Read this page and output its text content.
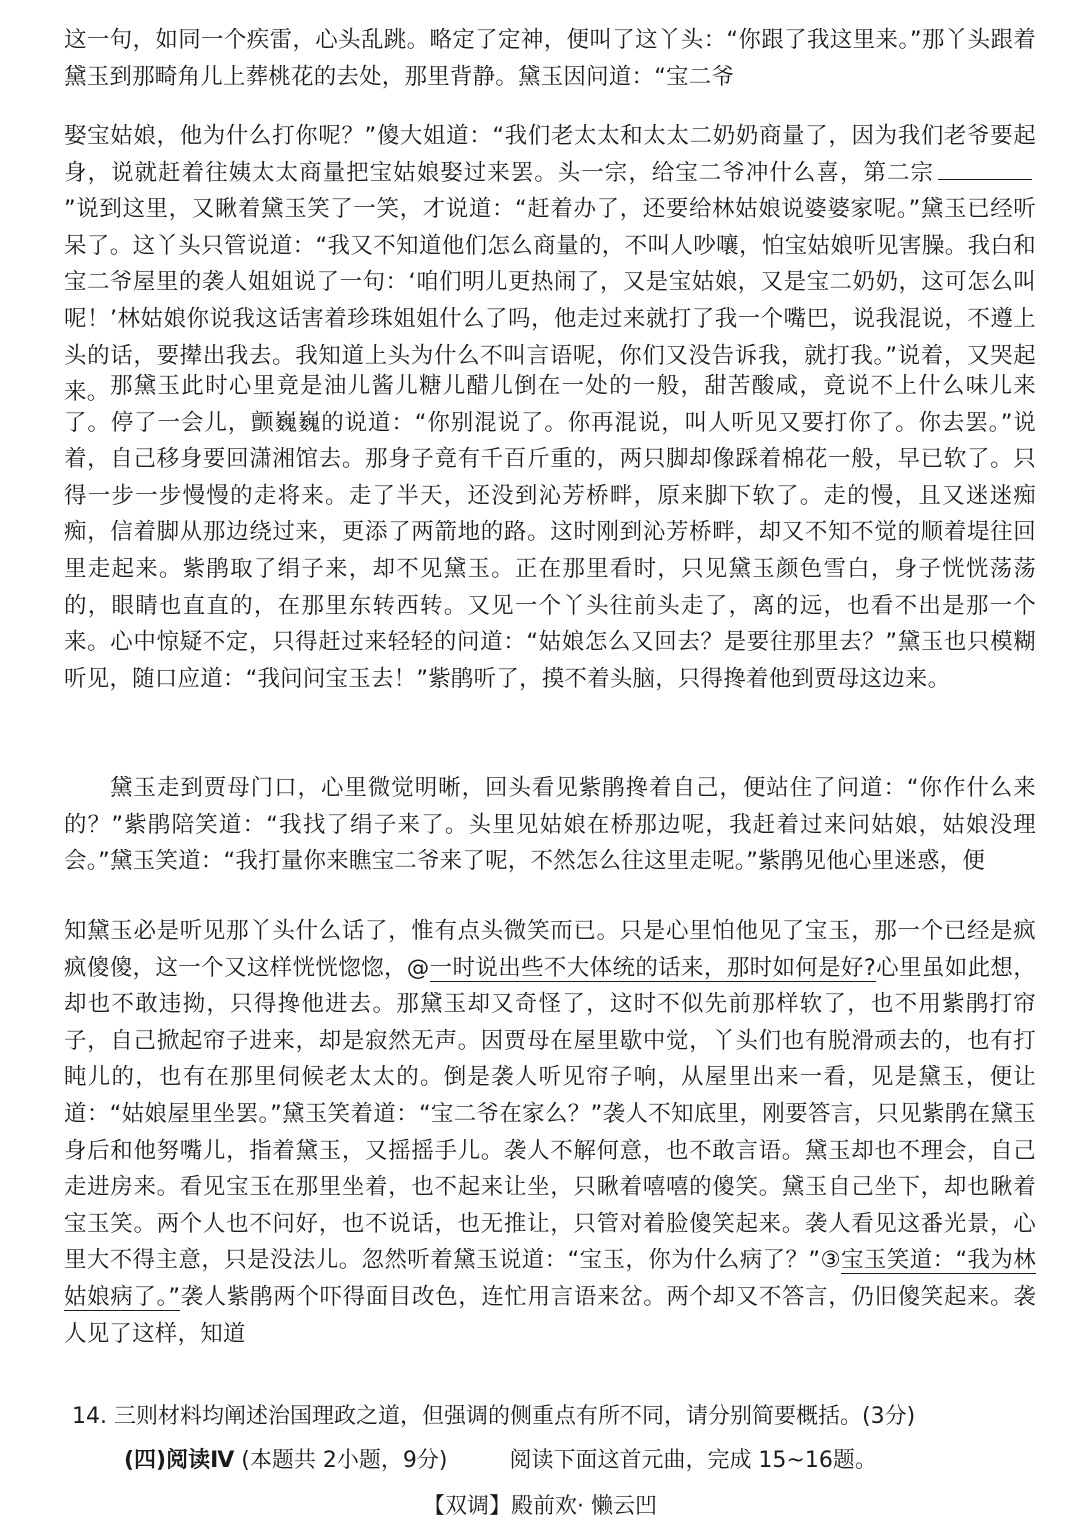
这一句，如同一个疾雷，心头乱跳。略定了定神，便叫了这丫头：“你跟了我这里来。”那丫头跟着黛玉到那畸角儿上葬桃花的去处，那里背静。黛玉因问道：“宝二爷

娶宝姑娘，他为什么打你呢？”傻大姐道：“我们老太太和太太二奶奶商量了，因为我们老爷要起身，说就赶着往姨太太商量把宝姑娘娶过来罢。头一宗，给宝二爷冲什么喜，第二宗”说到这里，又瞅着黛玉笑了一笑，才说道：“赶着办了，还要给林姑娘说婆婆家呢。”黛玉已经听呆了。这丫头只管说道：“我又不知道他们怎么商量的，不叫人吵嚷，怕宝姑娘听见害臊。我白和宝二爷屋里的袭人姐姐说了一句：‘咱们明儿更热闹了，又是宝姑娘，又是宝二奶奶，这可怎么叫呢！’林姑娘你说我这话害着珍珠姐姐什么了吗，他走过来就打了我一个嘴巴，说我混说，不遵上头的话，要撵出我去。我知道上头为什么不叫言语呢，你们又没告诉我，就打我。”说着，又哭起来。 那黛玉此时心里竟是油儿酱儿糖儿醋儿倒在一处的一般，甜苦酸咸，竟说不上什么味儿来了。停了一会儿，颤巍巍的说道：“你别混说了。你再混说，叫人听见又要打你了。你去罢。”说着，自己移身要回潇湘馆去。那身子竟有千百斤重的，两只脚却像踩着棉花一般，早已软了。只得一步一步慢慢的走将来。走了半天，还没到沁芳桥畔，原来脚下软了。走的慢，且又迷迷痴痴，信着脚从那边绕过来，更添了两箭地的路。这时刚到沁芳桥畔，却又不知不觉的顺着堤往回里走起来。紫鹃取了绢子来，却不见黛玉。正在那里看时，只见黛玉颜色雪白，身子恍恍荡荡的，眼睛也直直的，在那里东转西转。又见一个丫头往前头走了，离的远，也看不出是那一个来。心中惊疑不定，只得赶过来轻轻的问道：“姑娘怎么又回去？是要往那里去？”黛玉也只模糊听见，随口应道：“我问问宝玉去！”紫鹃听了，摸不着头脑，只得搀着他到贾母这边来。

黛玉走到贾母门口，心里微觉明晰，回头看见紫鹃搀着自己，便站住了问道：“你作什么来的？”紫鹃陪笑道：“我找了绢子来了。头里见姑娘在桥那边呢，我赶着过来问姑娘，姑娘没理会。”黛玉笑道：“我打量你来瞧宝二爷来了呢，不然怎么往这里走呢。”紫鹃见他心里迷惑，便

知黛玉必是听见那丫头什么话了，惟有点头微笑而已。只是心里怕他见了宝玉，那一个已经是疯疯傻傻，这一个又这样恍恍惚惚，@一时说出些不大体统的话来，那时如何是好?心里虽如此想，却也不敢违拗，只得搀他进去。那黛玉却又奇怪了，这时不似先前那样软了，也不用紫鹃打帘子，自己掀起帘子进来，却是寂然无声。因贾母在屋里歇中觉，丫头们也有脱滑顽去的，也有打盹儿的，也有在那里伺候老太太的。倒是袭人听见帘子响，从屋里出来一看，见是黛玉，便让道：“姑娘屋里坐罢。”黛玉笑着道：“宝二爷在家么？”袭人不知底里，刚要答言，只见紫鹃在黛玉身后和他努嘴儿，指着黛玉，又摇摇手儿。袭人不解何意，也不敢言语。黛玉却也不理会，自己走进房来。看见宝玉在那里坐着，也不起来让坐，只瞅着嘻嘻的傻笑。黛玉自己坐下，却也瞅着宝玉笑。两个人也不问好，也不说话，也无推让，只管对着脸傻笑起来。袭人看见这番光景，心里大不得主意，只是没法儿。忽然听着黛玉说道：“宝玉，你为什么病了？”③宝玉笑道：“我为林姑娘病了。”袭人紫鹃两个吓得面目改色，连忙用言语来岔。两个却又不答言，仍旧傻笑起来。袭人见了这样，知道

14. 三则材料均阐述治国理政之道，但强调的侧重点有所不同，请分别简要概括。(3分)

(四)阅读Ⅳ (本题共 2小题，9分)	阅读下面这首元曲，完成 15~16题。

【双调】殿前欢· 懒云凹
